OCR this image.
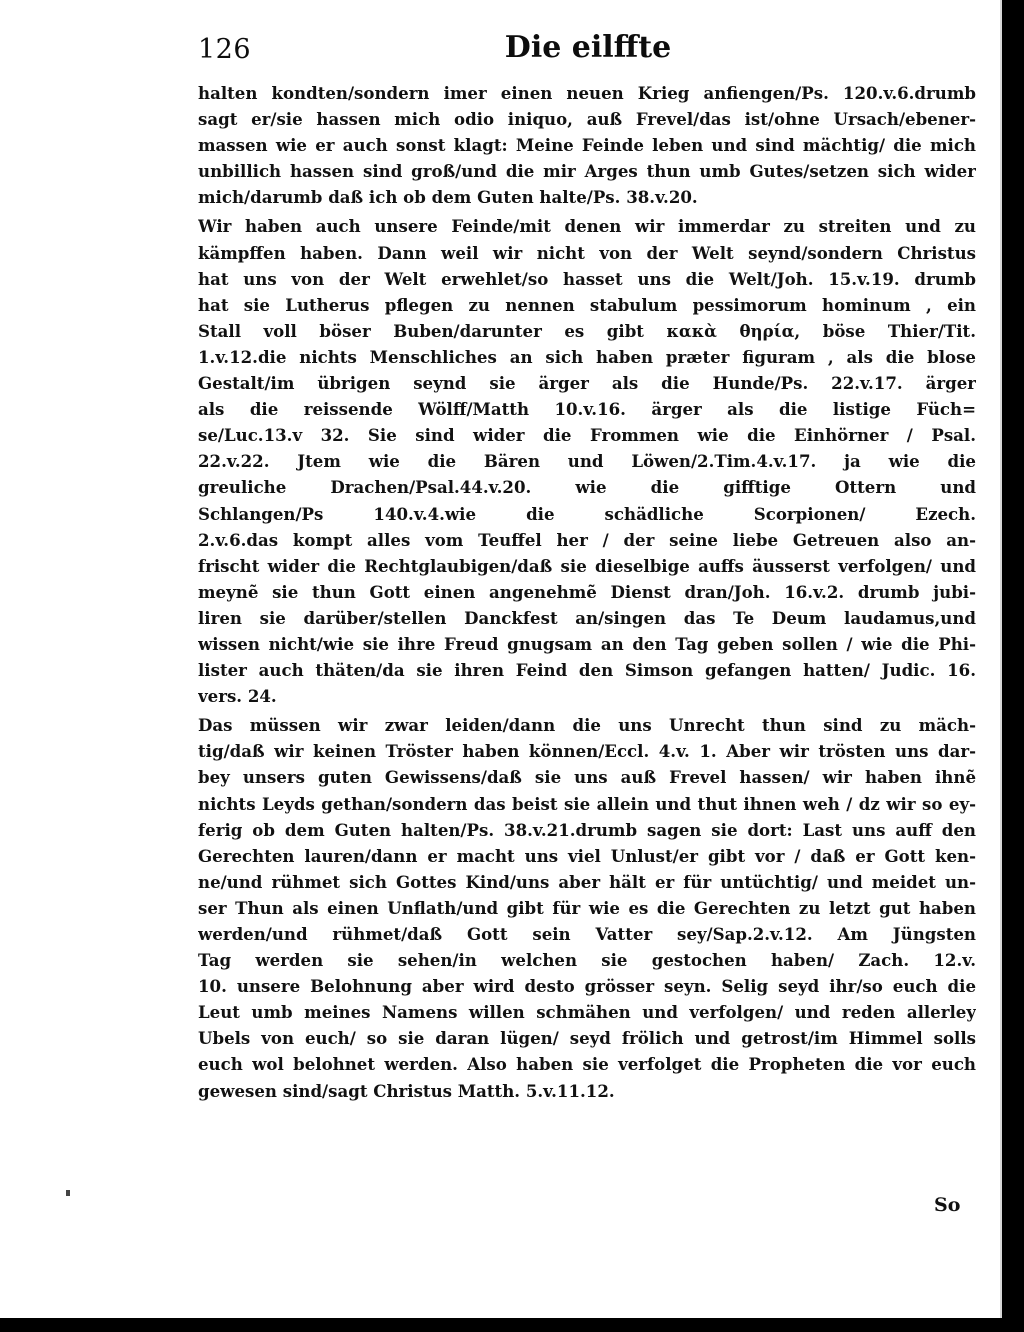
126	Die eilffte
halten kondten/sondern imer einen neuen Krieg anfiengen/Ps. 120.v.6.drumb
sagt er/sie hassen mich odio iniquo, auß Frevel/das ist/ohne Ursach/ebener-
massen wie er auch sonst klagt: Meine Feinde leben und sind mächtig/ die mich
unbillich hassen sind groß/und die mir Arges thun umb Gutes/setzen sich wider
mich/darumb daß ich ob dem Guten halte/Ps. 38.v.20.
Wir haben auch unsere Feinde/mit denen wir immerdar zu streiten und zu
kämpffen haben. Dann weil wir nicht von der Welt seynd/sondern Christus
hat uns von der Welt erwehlet/so hasset uns die Welt/Joh. 15.v.19. drumb
hat sie Lutherus pflegen zu nennen stabulum pessimorum hominum , ein
Stall voll böser Buben/darunter es gibt κακὰ θηρία, böse Thier/Tit.
1.v.12.die nichts Menschliches an sich haben præter figuram , als die blose
Gestalt/im übrigen seynd sie ärger als die Hunde/Ps. 22.v.17. ärger
als die reissende Wölff/Matth 10.v.16. ärger als die listige Füch=
se/Luc.13.v 32. Sie sind wider die Frommen wie die Einhörner / Psal.
22.v.22. Jtem wie die Bären und Löwen/2.Tim.4.v.17. ja wie die
greuliche Drachen/Psal.44.v.20. wie die gifftige Ottern und
Schlangen/Ps 140.v.4.wie die schädliche Scorpionen/ Ezech.
2.v.6.das kompt alles vom Teuffel her / der seine liebe Getreuen also an-
frischt wider die Rechtglaubigen/daß sie dieselbige auffs äusserst verfolgen/ und
meynẽ sie thun Gott einen angenehmẽ Dienst dran/Joh. 16.v.2. drumb jubi-
liren sie darüber/stellen Danckfest an/singen das Te Deum laudamus,und
wissen nicht/wie sie ihre Freud gnugsam an den Tag geben sollen / wie die Phi-
lister auch thäten/da sie ihren Feind den Simson gefangen hatten/ Judic. 16.
vers. 24.
Das müssen wir zwar leiden/dann die uns Unrecht thun sind zu mäch-
tig/daß wir keinen Tröster haben können/Eccl. 4.v. 1. Aber wir trösten uns dar-
bey unsers guten Gewissens/daß sie uns auß Frevel hassen/ wir haben ihnẽ
nichts Leyds gethan/sondern das beist sie allein und thut ihnen weh / dz wir so ey-
ferig ob dem Guten halten/Ps. 38.v.21.drumb sagen sie dort: Last uns auff den
Gerechten lauren/dann er macht uns viel Unlust/er gibt vor / daß er Gott ken-
ne/und rühmet sich Gottes Kind/uns aber hält er für untüchtig/ und meidet un-
ser Thun als einen Unflath/und gibt für wie es die Gerechten zu letzt gut haben
werden/und rühmet/daß Gott sein Vatter sey/Sap.2.v.12. Am Jüngsten
Tag werden sie sehen/in welchen sie gestochen haben/ Zach. 12.v.
10. unsere Belohnung aber wird desto grösser seyn. Selig seyd ihr/so euch die
Leut umb meines Namens willen schmähen und verfolgen/ und reden allerley
Ubels von euch/ so sie daran lügen/ seyd frölich und getrost/im Himmel solls
euch wol belohnet werden. Also haben sie verfolget die Propheten die vor euch
gewesen sind/sagt Christus Matth. 5.v.11.12.
So
